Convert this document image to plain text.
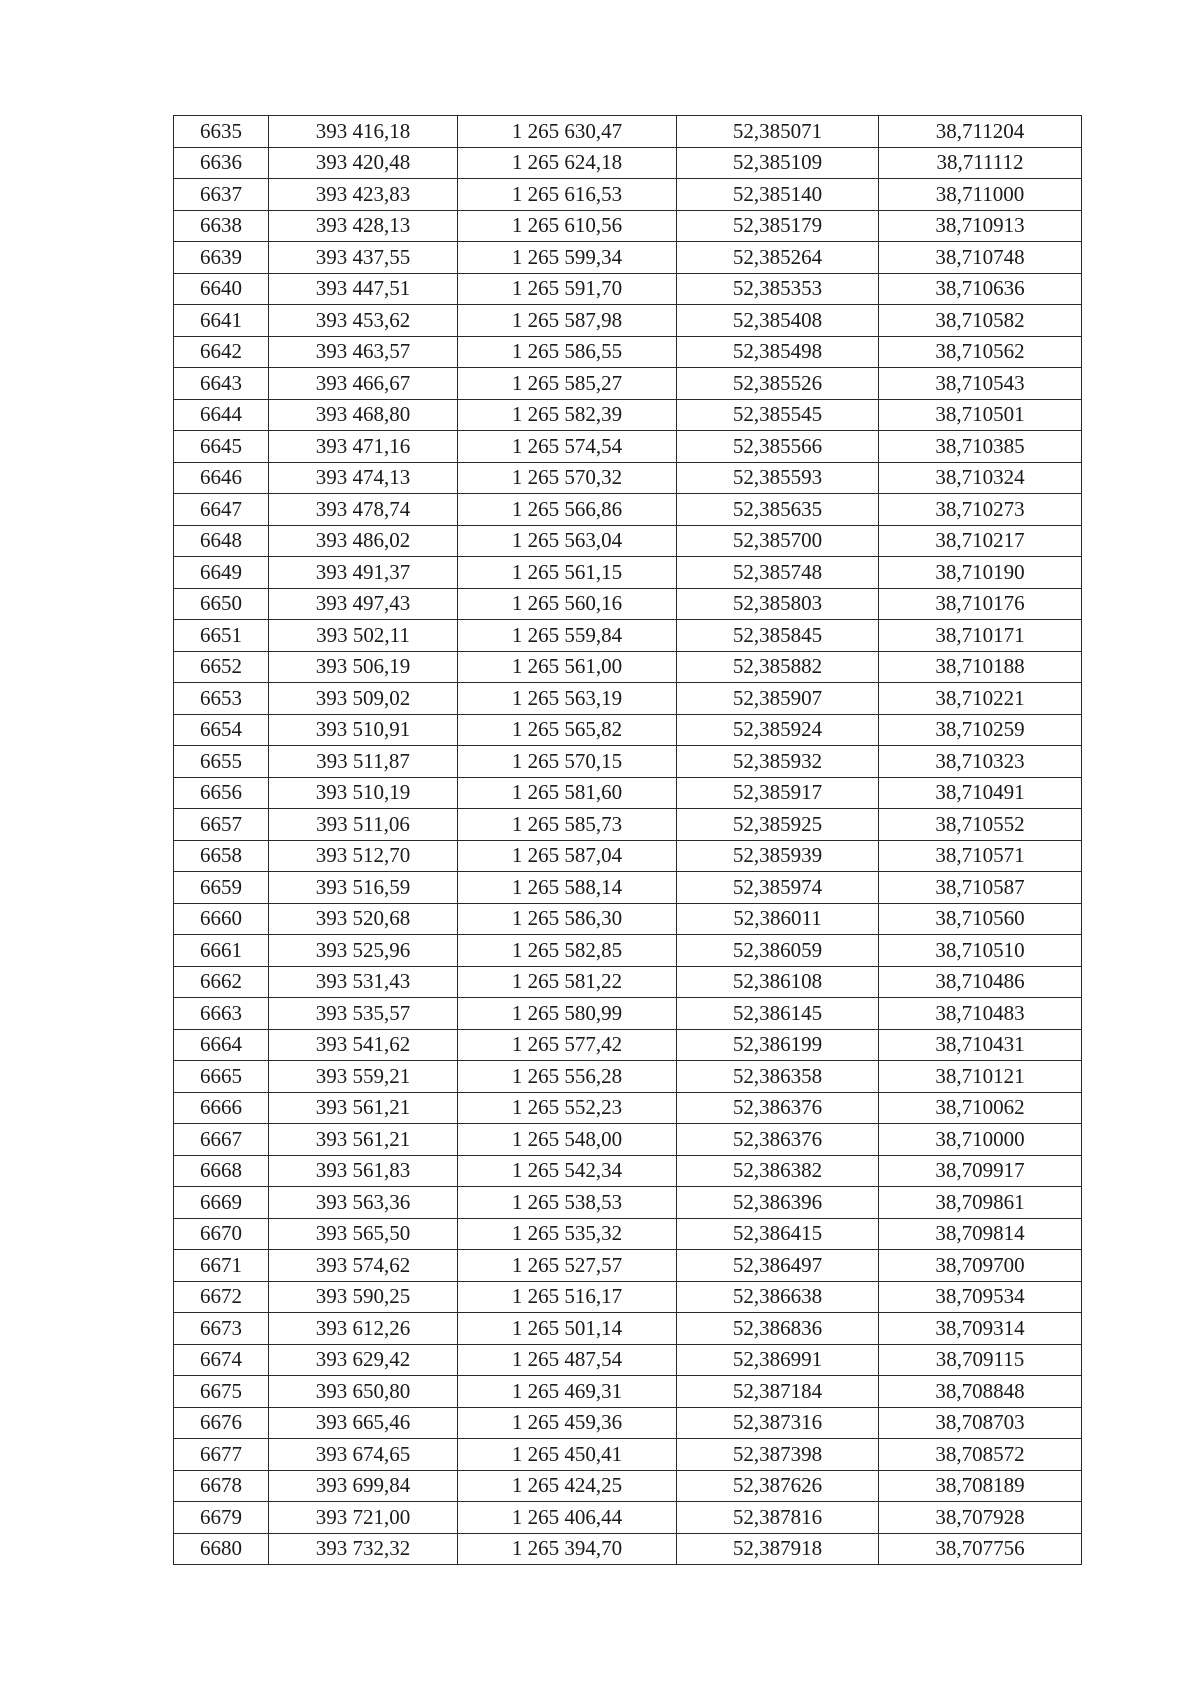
6635	393 416,18	1 265 630,47	52,385071	38,711204
6636	393 420,48	1 265 624,18	52,385109	38,711112
6637	393 423,83	1 265 616,53	52,385140	38,711000
6638	393 428,13	1 265 610,56	52,385179	38,710913
6639	393 437,55	1 265 599,34	52,385264	38,710748
6640	393 447,51	1 265 591,70	52,385353	38,710636
6641	393 453,62	1 265 587,98	52,385408	38,710582
6642	393 463,57	1 265 586,55	52,385498	38,710562
6643	393 466,67	1 265 585,27	52,385526	38,710543
6644	393 468,80	1 265 582,39	52,385545	38,710501
6645	393 471,16	1 265 574,54	52,385566	38,710385
6646	393 474,13	1 265 570,32	52,385593	38,710324
6647	393 478,74	1 265 566,86	52,385635	38,710273
6648	393 486,02	1 265 563,04	52,385700	38,710217
6649	393 491,37	1 265 561,15	52,385748	38,710190
6650	393 497,43	1 265 560,16	52,385803	38,710176
6651	393 502,11	1 265 559,84	52,385845	38,710171
6652	393 506,19	1 265 561,00	52,385882	38,710188
6653	393 509,02	1 265 563,19	52,385907	38,710221
6654	393 510,91	1 265 565,82	52,385924	38,710259
6655	393 511,87	1 265 570,15	52,385932	38,710323
6656	393 510,19	1 265 581,60	52,385917	38,710491
6657	393 511,06	1 265 585,73	52,385925	38,710552
6658	393 512,70	1 265 587,04	52,385939	38,710571
6659	393 516,59	1 265 588,14	52,385974	38,710587
6660	393 520,68	1 265 586,30	52,386011	38,710560
6661	393 525,96	1 265 582,85	52,386059	38,710510
6662	393 531,43	1 265 581,22	52,386108	38,710486
6663	393 535,57	1 265 580,99	52,386145	38,710483
6664	393 541,62	1 265 577,42	52,386199	38,710431
6665	393 559,21	1 265 556,28	52,386358	38,710121
6666	393 561,21	1 265 552,23	52,386376	38,710062
6667	393 561,21	1 265 548,00	52,386376	38,710000
6668	393 561,83	1 265 542,34	52,386382	38,709917
6669	393 563,36	1 265 538,53	52,386396	38,709861
6670	393 565,50	1 265 535,32	52,386415	38,709814
6671	393 574,62	1 265 527,57	52,386497	38,709700
6672	393 590,25	1 265 516,17	52,386638	38,709534
6673	393 612,26	1 265 501,14	52,386836	38,709314
6674	393 629,42	1 265 487,54	52,386991	38,709115
6675	393 650,80	1 265 469,31	52,387184	38,708848
6676	393 665,46	1 265 459,36	52,387316	38,708703
6677	393 674,65	1 265 450,41	52,387398	38,708572
6678	393 699,84	1 265 424,25	52,387626	38,708189
6679	393 721,00	1 265 406,44	52,387816	38,707928
6680	393 732,32	1 265 394,70	52,387918	38,707756
